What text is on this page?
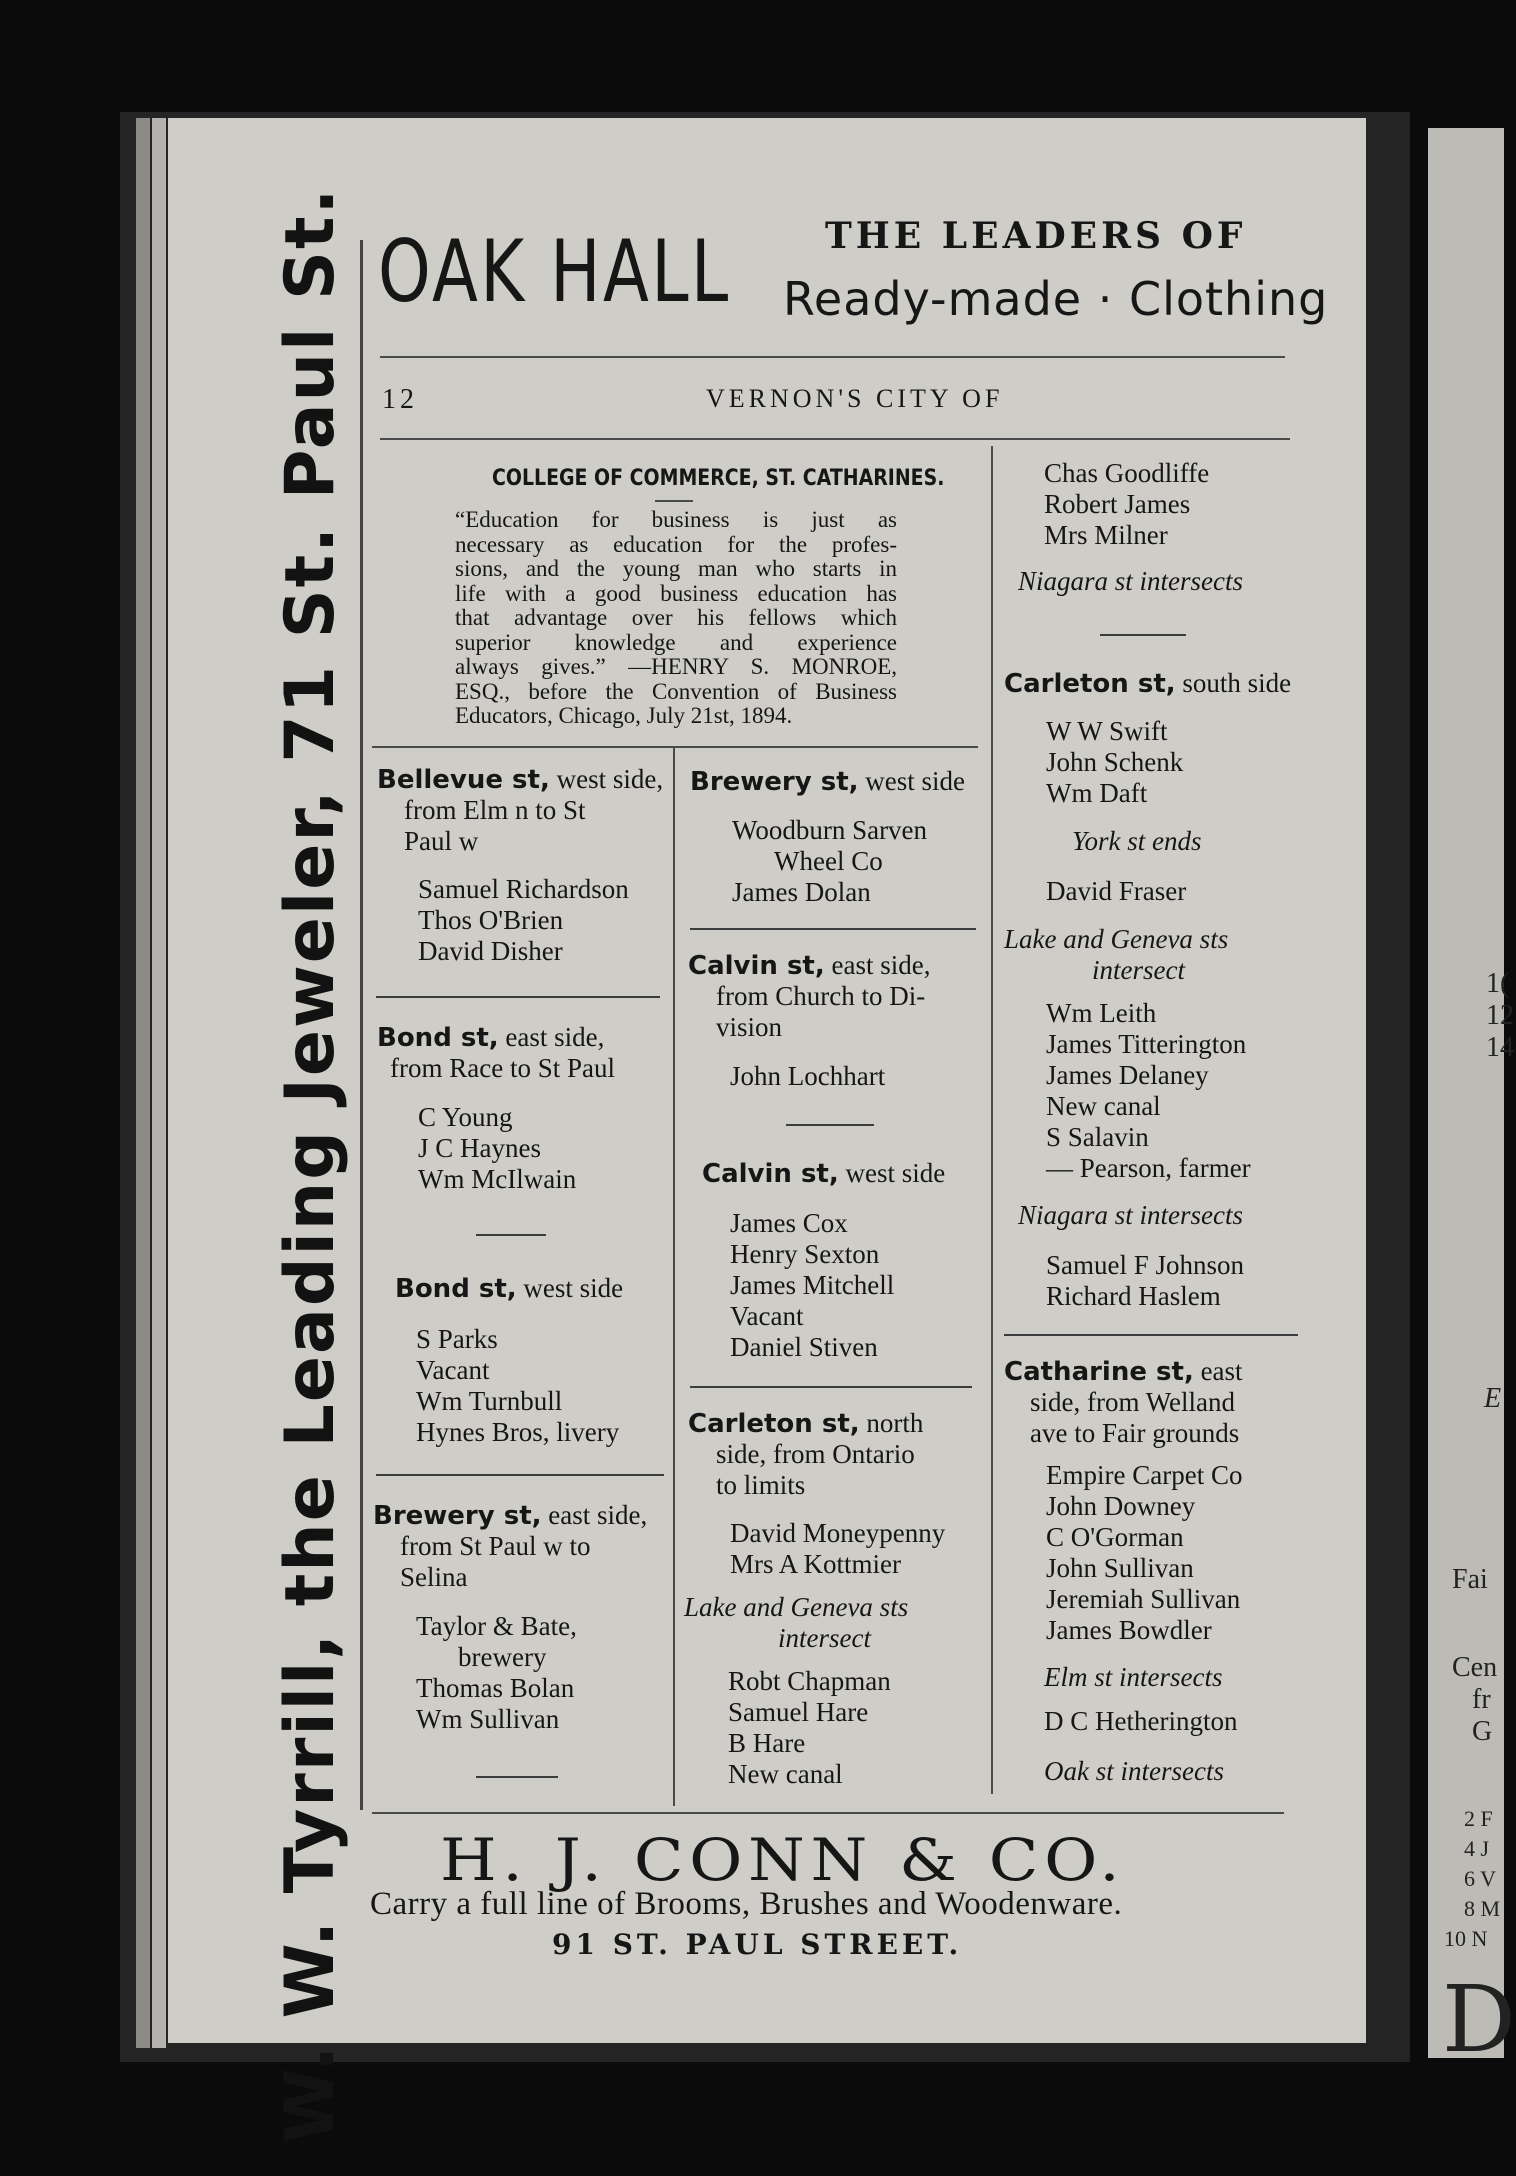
1(
12
14
E
Fai
Cen
fr
G
2 F
4 J
6 V
8 M
10 N
D
W. W. Tyrrill, the Leading Jeweler, 71 St. Paul St. OAK HALL	THE LEADERS OF
Ready-made · Clothing
12	VERNON'S CITY OF
COLLEGE OF COMMERCE, ST. CATHARINES.
“Education for business is just as
necessary as education for the profes-
sions, and the young man who starts in
life with a good business education has
that advantage over his fellows which
superior knowledge and experience
always gives.” —HENRY S. MONROE,
ESQ., before the Convention of Business
Educators, Chicago, July 21st, 1894.
Bellevue st, west side,
from Elm n to St
Paul w
Samuel Richardson
Thos O'Brien
David Disher
Bond st, east side,
from Race to St Paul
C Young
J C Haynes
Wm McIlwain
Bond st, west side
S Parks
Vacant
Wm Turnbull
Hynes Bros, livery
Brewery st, east side,
from St Paul w to
Selina
Taylor & Bate,
brewery
Thomas Bolan
Wm Sullivan
Brewery st, west side
Woodburn Sarven
Wheel Co
James Dolan
Calvin st, east side,
from Church to Di-
vision
John Lochhart
Calvin st, west side
James Cox
Henry Sexton
James Mitchell
Vacant
Daniel Stiven
Carleton st, north
side, from Ontario
to limits
David Moneypenny
Mrs A Kottmier
Lake and Geneva sts
intersect
Robt Chapman
Samuel Hare
B Hare
New canal
Chas Goodliffe
Robert James
Mrs Milner
Niagara st intersects
Carleton st, south side
W W Swift
John Schenk
Wm Daft
York st ends
David Fraser
Lake and Geneva sts
intersect
Wm Leith
James Titterington
James Delaney
New canal
S Salavin
— Pearson, farmer
Niagara st intersects
Samuel F Johnson
Richard Haslem
Catharine st, east
side, from Welland
ave to Fair grounds
Empire Carpet Co
John Downey
C O'Gorman
John Sullivan
Jeremiah Sullivan
James Bowdler
Elm st intersects
D C Hetherington
Oak st intersects
H. J. CONN & CO.
Carry a full line of Brooms, Brushes and Woodenware.
91 ST. PAUL STREET.
